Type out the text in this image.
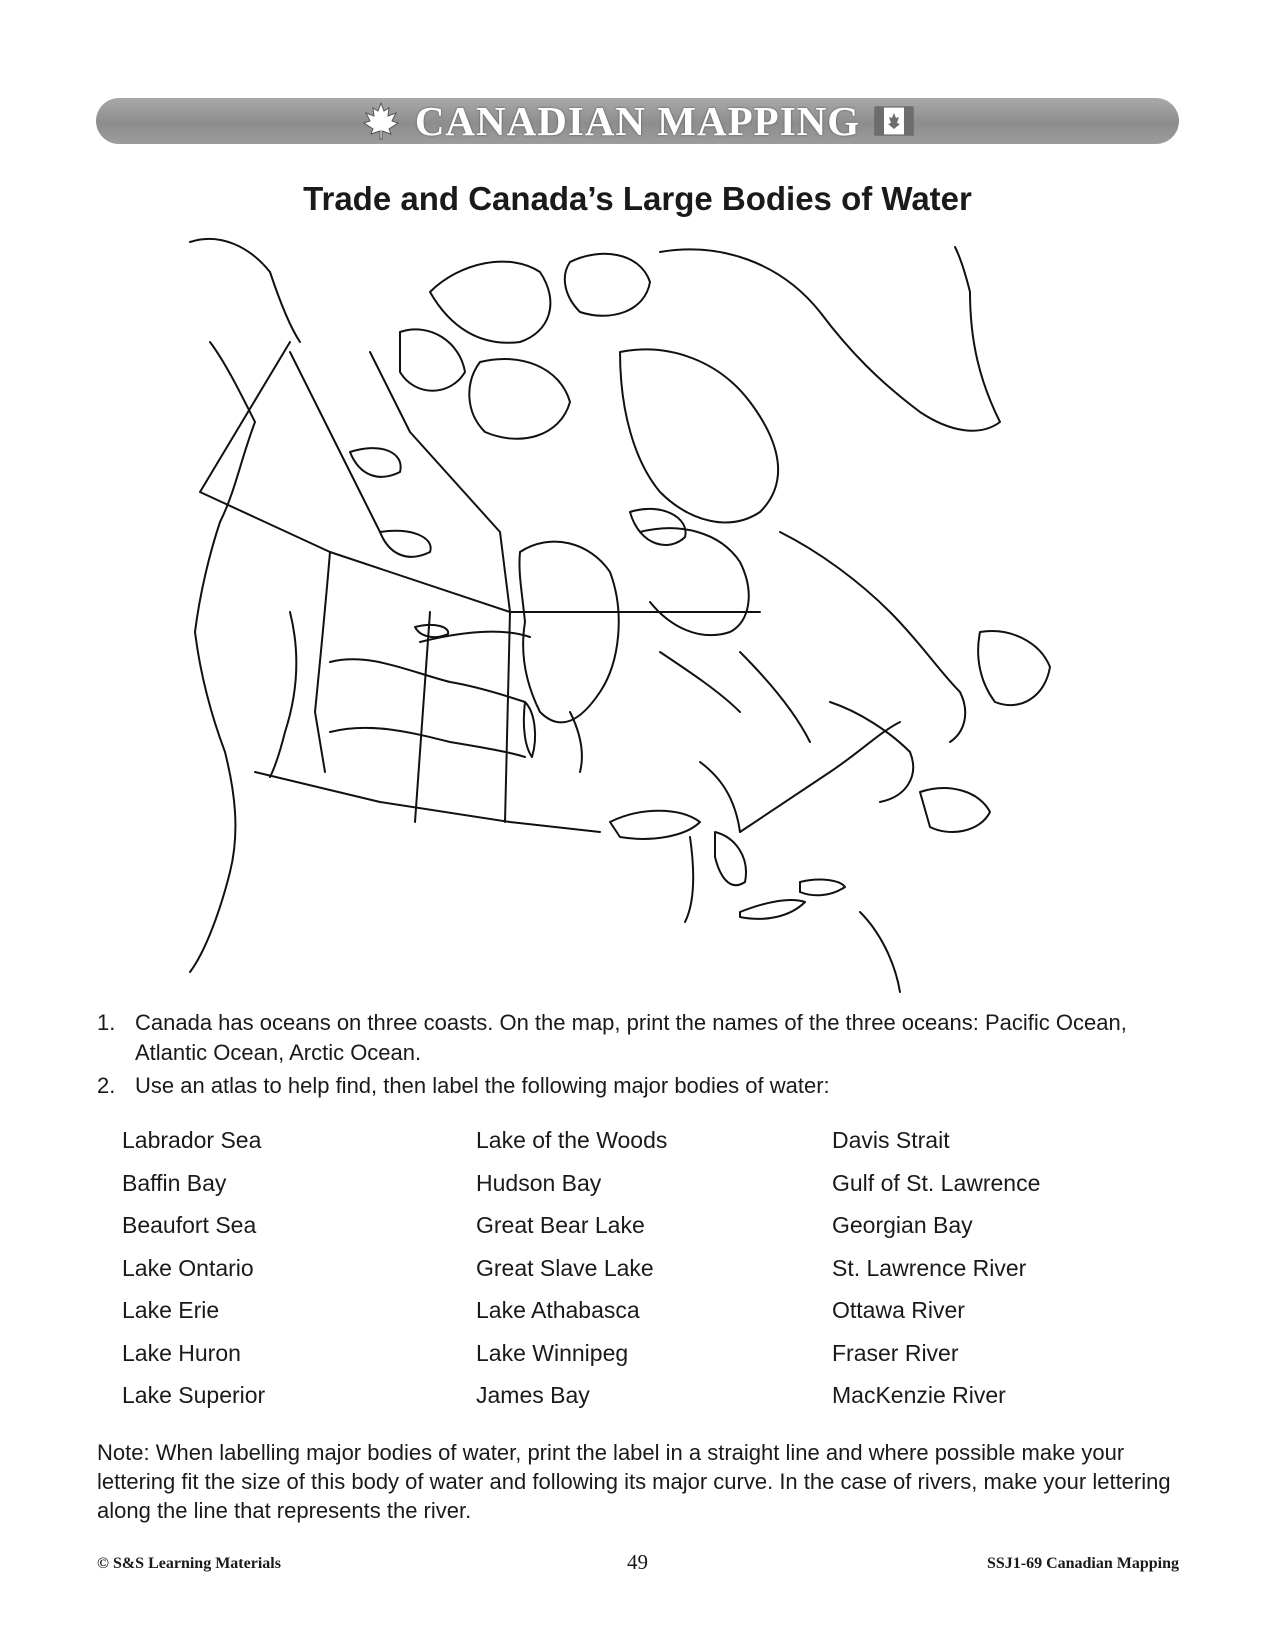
CANADIAN MAPPING
Trade and Canada’s Large Bodies of Water
1. Canada has oceans on three coasts. On the map, print the names of the three oceans: Pacific Ocean, Atlantic Ocean, Arctic Ocean.
2. Use an atlas to help find, then label the following major bodies of water:
Labrador Sea
Baffin Bay
Beaufort Sea
Lake Ontario
Lake Erie
Lake Huron
Lake Superior
Lake of the Woods
Hudson Bay
Great Bear Lake
Great Slave Lake
Lake Athabasca
Lake Winnipeg
James Bay
Davis Strait
Gulf of St. Lawrence
Georgian Bay
St. Lawrence River
Ottawa River
Fraser River
MacKenzie River
Note: When labelling major bodies of water, print the label in a straight line and where possible make your lettering fit the size of this body of water and following its major curve. In the case of rivers, make your lettering along the line that represents the river.
© S&S Learning Materials	49	SSJ1-69 Canadian Mapping
